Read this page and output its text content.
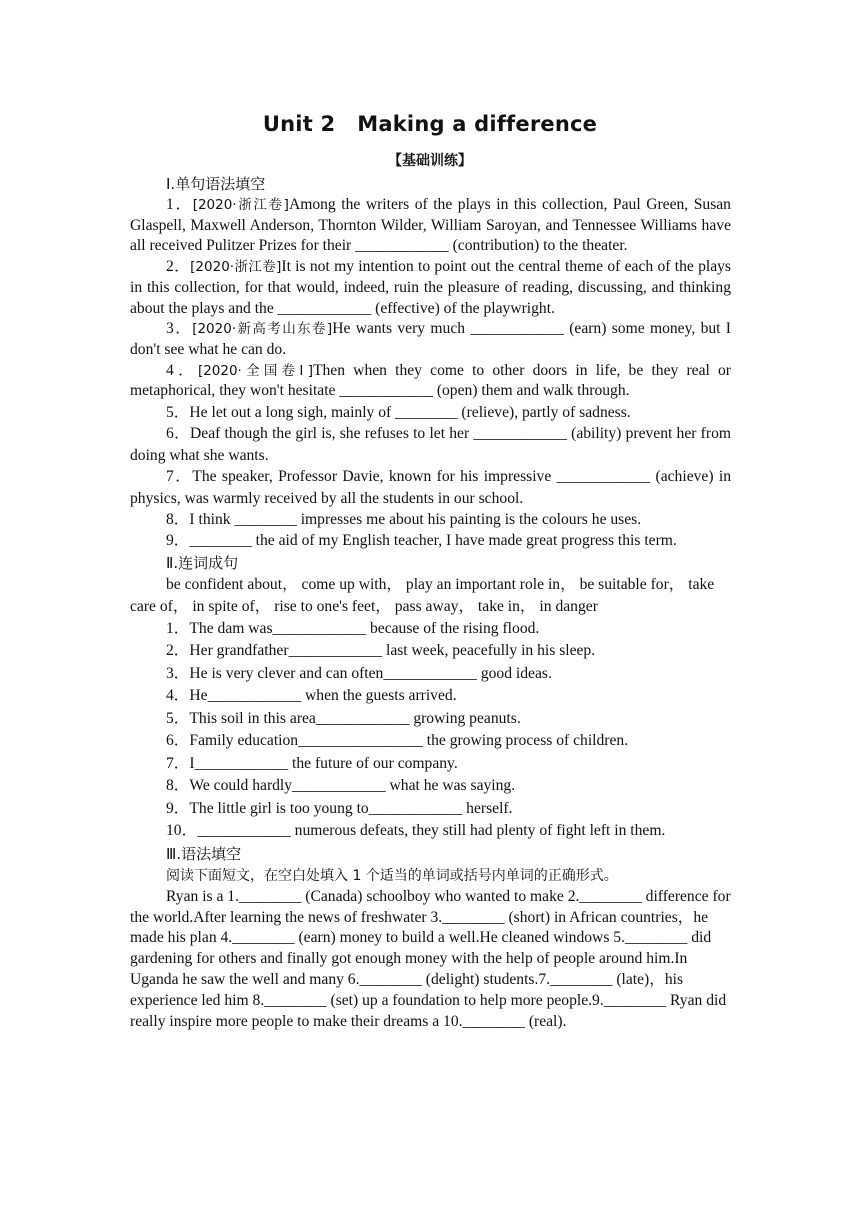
Unit 2 Making a difference
【基础训练】
Ⅰ.单句语法填空

1．[2020·浙江卷]Among the writers of the plays in this collection, Paul Green, Susan Glaspell, Maxwell Anderson, Thornton Wilder, William Saroyan, and Tennessee Williams have all received Pulitzer Prizes for their ____________ (contribution) to the theater.

2．[2020·浙江卷]It is not my intention to point out the central theme of each of the plays in this collection, for that would, indeed, ruin the pleasure of reading, discussing, and thinking about the plays and the ____________ (effective) of the playwright.

3．[2020·新高考山东卷]He wants very much ____________ (earn) some money, but I don't see what he can do.

4．[2020·全国卷Ⅰ]Then when they come to other doors in life, be they real or metaphorical, they won't hesitate ____________ (open) them and walk through.

5．He let out a long sigh, mainly of ________ (relieve), partly of sadness.

6．Deaf though the girl is, she refuses to let her ____________ (ability) prevent her from doing what she wants.

7．The speaker, Professor Davie, known for his impressive ____________ (achieve) in physics, was warmly received by all the students in our school.

8．I think ________ impresses me about his painting is the colours he uses.

9．________ the aid of my English teacher, I have made great progress this term.

Ⅱ.连词成句
be confident about， come up with， play an important role in， be suitable for， take care of， in spite of， rise to one's feet， pass away， take in， in danger
1．The dam was____________ because of the rising flood.
2．Her grandfather____________ last week, peacefully in his sleep.
3．He is very clever and can often____________ good ideas.
4．He____________ when the guests arrived.
5．This soil in this area____________ growing peanuts.
6．Family education________________ the growing process of children.
7．I____________ the future of our company.
8．We could hardly____________ what he was saying.
9．The little girl is too young to____________ herself.
10．____________ numerous defeats, they still had plenty of fight left in them.
Ⅲ.语法填空
阅读下面短文，在空白处填入 1 个适当的单词或括号内单词的正确形式。

Ryan is a 1.________ (Canada) schoolboy who wanted to make 2.________ difference for the world.After learning the news of freshwater 3.________ (short) in African countries，he made his plan 4.________ (earn) money to build a well.He cleaned windows 5.________ did gardening for others and finally got enough money with the help of people around him.In Uganda he saw the well and many 6.________ (delight) students.7.________ (late)，his experience led him 8.________ (set) up a foundation to help more people.9.________ Ryan did really inspire more people to make their dreams a 10.________ (real).
